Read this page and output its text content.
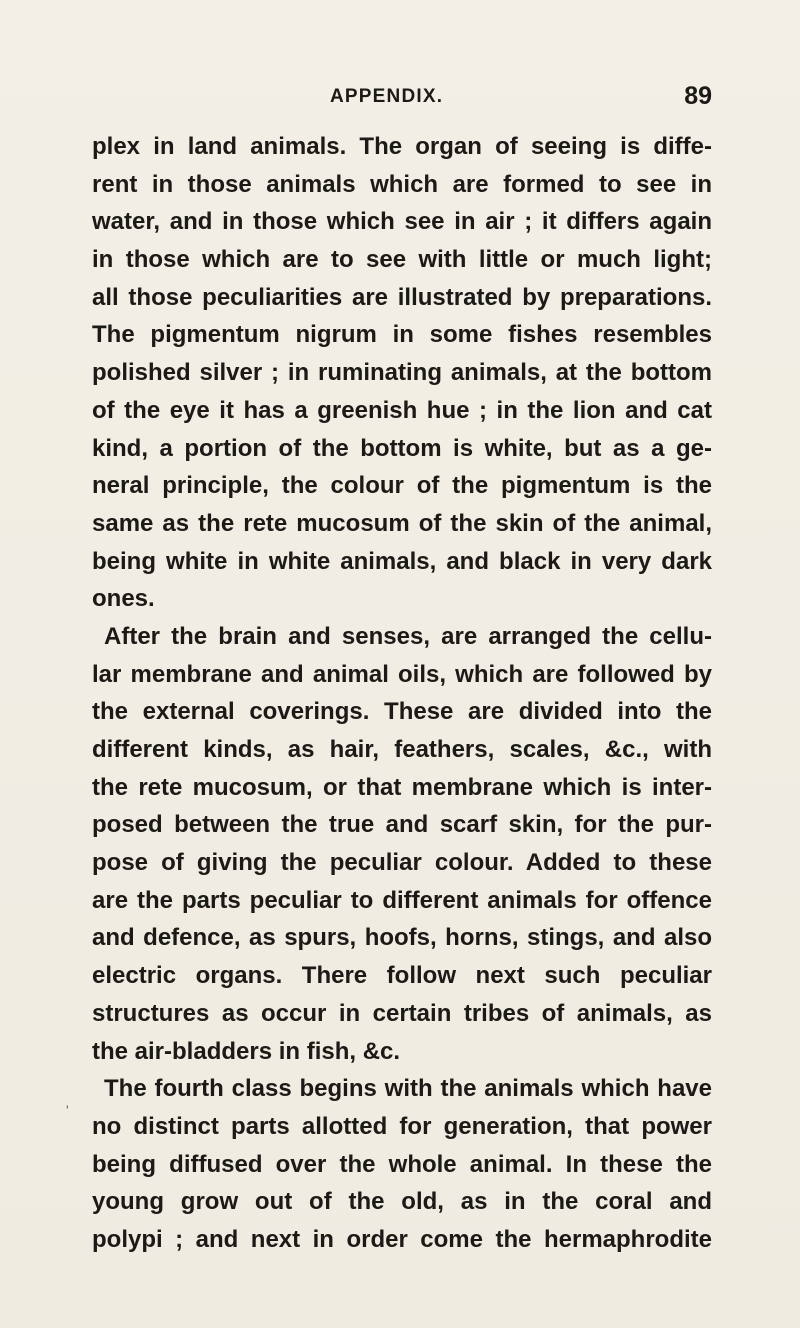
APPENDIX.	89
plex in land animals. The organ of seeing is diffe-
rent in those animals which are formed to see in
water, and in those which see in air ; it differs again
in those which are to see with little or much light;
all those peculiarities are illustrated by preparations.
The pigmentum nigrum in some fishes resembles
polished silver ; in ruminating animals, at the bottom
of the eye it has a greenish hue ; in the lion and cat
kind, a portion of the bottom is white, but as a ge-
neral principle, the colour of the pigmentum is the
same as the rete mucosum of the skin of the animal,
being white in white animals, and black in very dark
ones.
After the brain and senses, are arranged the cellu-
lar membrane and animal oils, which are followed by
the external coverings. These are divided into the
different kinds, as hair, feathers, scales, &c., with
the rete mucosum, or that membrane which is inter-
posed between the true and scarf skin, for the pur-
pose of giving the peculiar colour. Added to these
are the parts peculiar to different animals for offence
and defence, as spurs, hoofs, horns, stings, and also
electric organs. There follow next such peculiar
structures as occur in certain tribes of animals, as
the air-bladders in fish, &c.
The fourth class begins with the animals which have
no distinct parts allotted for generation, that power
being diffused over the whole animal. In these the
young grow out of the old, as in the coral and
polypi ; and next in order come the hermaphrodite
'
